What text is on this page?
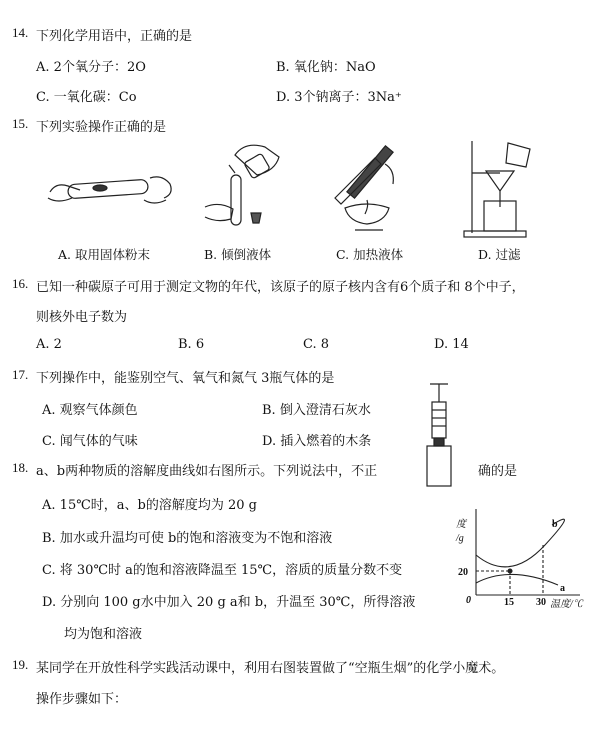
14. 下列化学用语中，正确的是
A. 2个氧分子：2O	B. 氧化钠：NaO
C. 一氧化碳：Co	D. 3个钠离子：3Na⁺
15. 下列实验操作正确的是
A. 取用固体粉末	B. 倾倒液体	C. 加热液体	D. 过滤
16. 已知一种碳原子可用于测定文物的年代，该原子的原子核内含有6个质子和 8个中子，
则核外电子数为
A. 2	B. 6	C. 8	D. 14
17. 下列操作中，能鉴别空气、氧气和氮气 3瓶气体的是
A. 观察气体颜色	B. 倒入澄清石灰水
C. 闻气体的气味	D. 插入燃着的木条
18. a、b两种物质的溶解度曲线如右图所示。下列说法中，不正	确的是
A. 15℃时，a、b的溶解度均为 20 g
B. 加水或升温均可使 b的饱和溶液变为不饱和溶液
C. 将 30℃时 a的饱和溶液降温至 15℃，溶质的质量分数不变
D. 分别向 100 g水中加入 20 g a和 b，升温至 30℃，所得溶液
均为饱和溶液
度
/g
20
0	15 30 温度/℃
b
a
19. 某同学在开放性科学实践活动课中，利用右图装置做了“空瓶生烟”的化学小魔术。
操作步骤如下：
